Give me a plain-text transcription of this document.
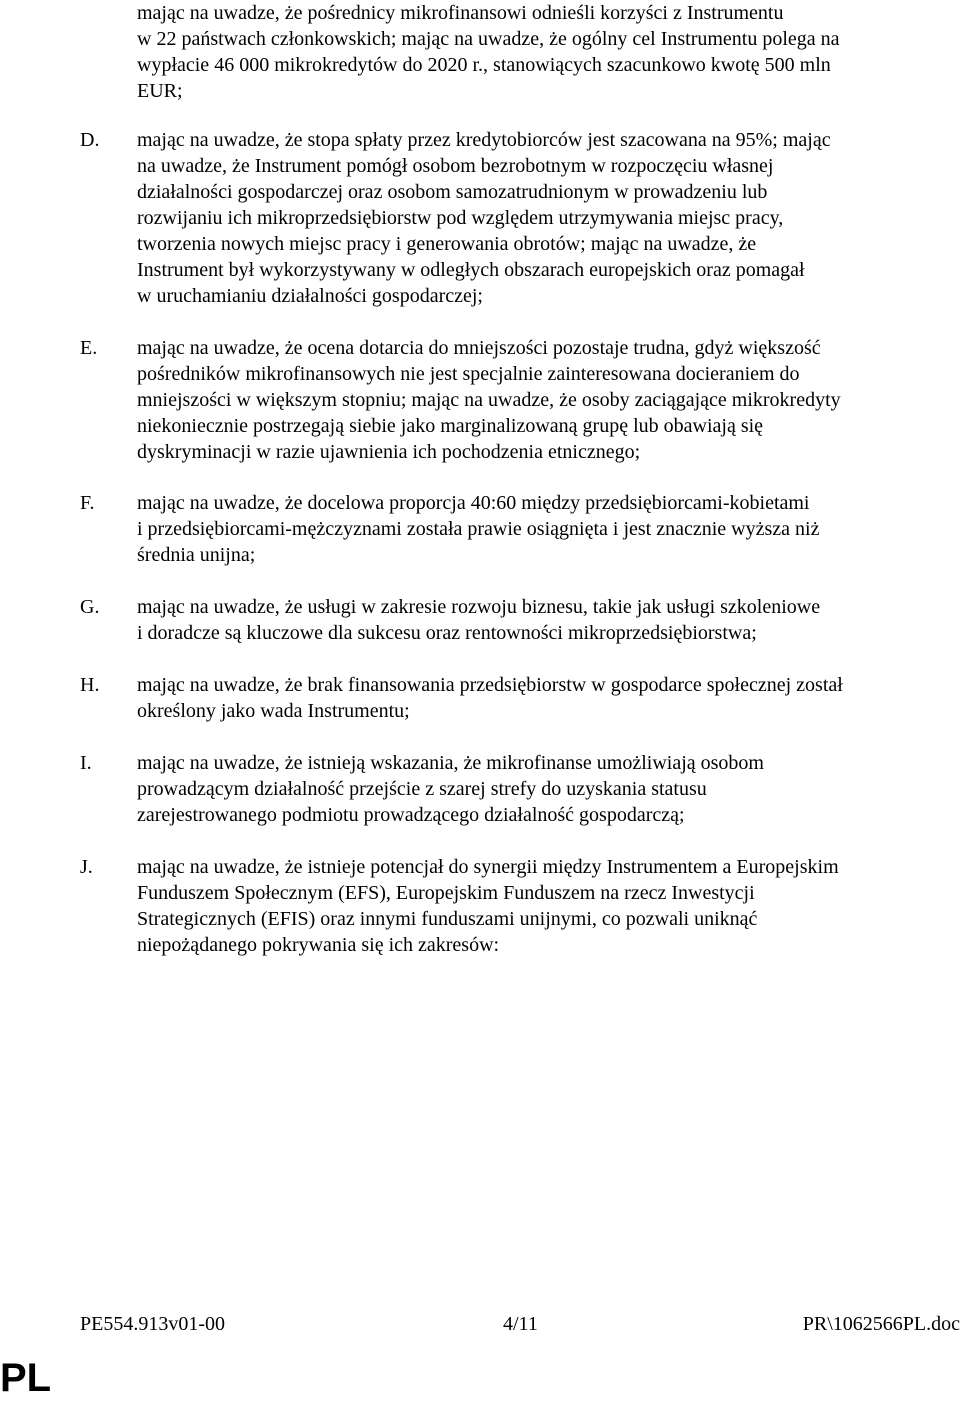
mając na uwadze, że pośrednicy mikrofinansowi odnieśli korzyści z Instrumentu
w 22 państwach członkowskich; mając na uwadze, że ogólny cel Instrumentu polega na
wypłacie 46 000 mikrokredytów do 2020 r., stanowiących szacunkowo kwotę 500 mln
EUR;
D. mając na uwadze, że stopa spłaty przez kredytobiorców jest szacowana na 95%; mając
na uwadze, że Instrument pomógł osobom bezrobotnym w rozpoczęciu własnej
działalności gospodarczej oraz osobom samozatrudnionym w prowadzeniu lub
rozwijaniu ich mikroprzedsiębiorstw pod względem utrzymywania miejsc pracy,
tworzenia nowych miejsc pracy i generowania obrotów; mając na uwadze, że
Instrument był wykorzystywany w odległych obszarach europejskich oraz pomagał
w uruchamianiu działalności gospodarczej;
E. mając na uwadze, że ocena dotarcia do mniejszości pozostaje trudna, gdyż większość
pośredników mikrofinansowych nie jest specjalnie zainteresowana docieraniem do
mniejszości w większym stopniu; mając na uwadze, że osoby zaciągające mikrokredyty
niekoniecznie postrzegają siebie jako marginalizowaną grupę lub obawiają się
dyskryminacji w razie ujawnienia ich pochodzenia etnicznego;
F. mając na uwadze, że docelowa proporcja 40:60 między przedsiębiorcami-kobietami
i przedsiębiorcami-mężczyznami została prawie osiągnięta i jest znacznie wyższa niż
średnia unijna;
G. mając na uwadze, że usługi w zakresie rozwoju biznesu, takie jak usługi szkoleniowe
i doradcze są kluczowe dla sukcesu oraz rentowności mikroprzedsiębiorstwa;
H. mając na uwadze, że brak finansowania przedsiębiorstw w gospodarce społecznej został
określony jako wada Instrumentu;
I. mając na uwadze, że istnieją wskazania, że mikrofinanse umożliwiają osobom
prowadzącym działalność przejście z szarej strefy do uzyskania statusu
zarejestrowanego podmiotu prowadzącego działalność gospodarczą;
J. mając na uwadze, że istnieje potencjał do synergii między Instrumentem a Europejskim
Funduszem Społecznym (EFS), Europejskim Funduszem na rzecz Inwestycji
Strategicznych (EFIS) oraz innymi funduszami unijnymi, co pozwali uniknąć
niepożądanego pokrywania się ich zakresów:
PE554.913v01-00	4/11	PR\1062566PL.doc
PL
